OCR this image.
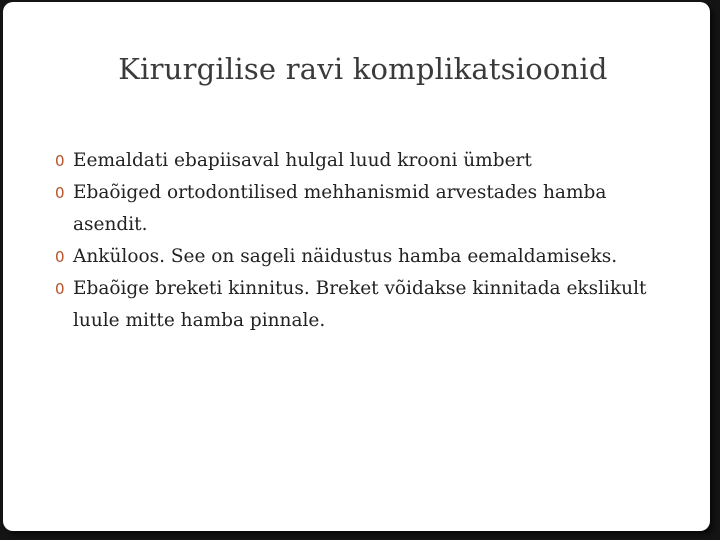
Kirurgilise ravi komplikatsioonid
0 Eemaldati ebapiisaval hulgal luud krooni ümbert
0 Ebaõiged ortodontilised mehhanismid arvestades hamba asendit.
0 Anküloos. See on sageli näidustus hamba eemaldamiseks.
0 Ebaõige breketi kinnitus. Breket võidakse kinnitada ekslikult luule mitte hamba pinnale.
